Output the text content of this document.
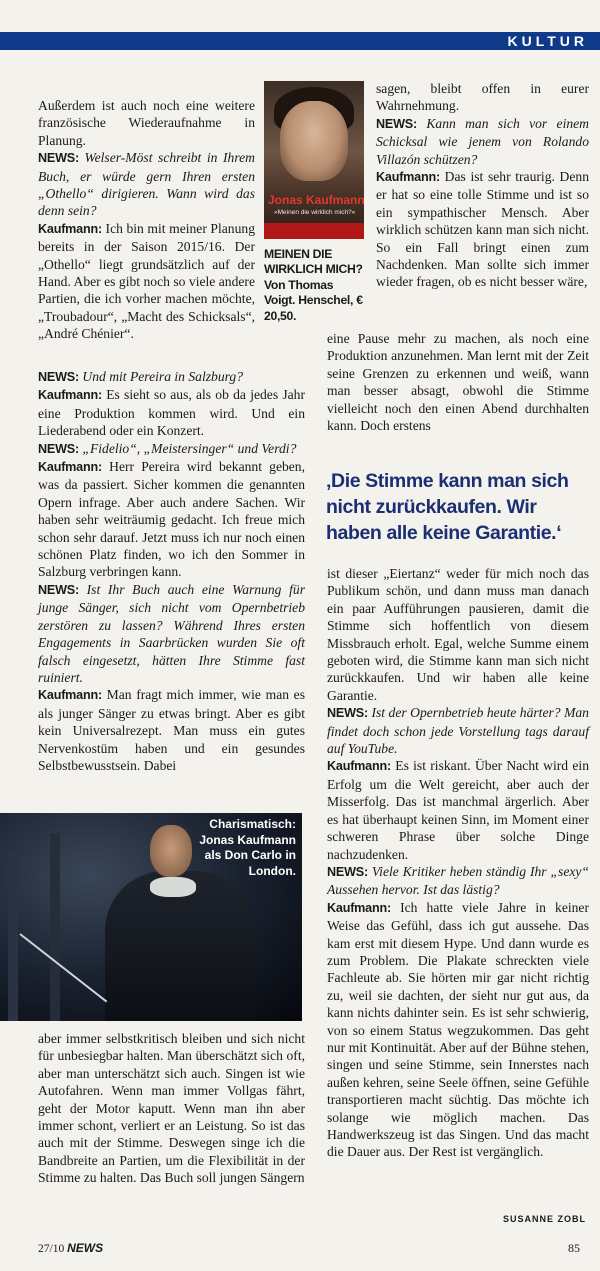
KULTUR

Außerdem ist auch noch eine weitere französische Wiederaufnahme in Planung.

NEWS: Welser-Möst schreibt in Ihrem Buch, er würde gern Ihren ersten „Othello“ dirigieren. Wann wird das denn sein?

Kaufmann: Ich bin mit meiner Planung bereits in der Saison 2015/16. Der „Othello“ liegt grundsätzlich auf der Hand. Aber es gibt noch so viele andere Partien, die ich vorher machen möchte, „Troubadour“, „Macht des Schicksals“, „André Chénier“.

NEWS: Und mit Pereira in Salzburg?

Kaufmann: Es sieht so aus, als ob da jedes Jahr eine Produktion kommen wird. Und ein Liederabend oder ein Konzert.

NEWS: „Fidelio“, „Meistersinger“ und Verdi?

Kaufmann: Herr Pereira wird bekannt geben, was da passiert. Sicher kommen die genannten Opern infrage. Aber auch andere Sachen. Wir haben sehr weiträumig gedacht. Ich freue mich schon sehr darauf. Jetzt muss ich nur noch einen schönen Platz finden, wo ich den Sommer in Salzburg verbringen kann.

NEWS: Ist Ihr Buch auch eine Warnung für junge Sänger, sich nicht vom Opernbetrieb zerstören zu lassen? Während Ihres ersten Engagements in Saarbrücken wurden Sie oft falsch eingesetzt, hätten Ihre Stimme fast ruiniert.

Kaufmann: Man fragt mich immer, wie man es als junger Sänger zu etwas bringt. Aber es gibt kein Universalrezept. Man muss ein gutes Nervenkostüm haben und ein gesundes Selbstbewusstsein. Dabei

Charismatisch: Jonas Kaufmann als Don Carlo in London.

aber immer selbstkritisch bleiben und sich nicht für unbesiegbar halten. Man überschätzt sich oft, aber man unterschätzt sich auch. Singen ist wie Autofahren. Wenn man immer Vollgas fährt, geht der Motor kaputt. Wenn man ihn aber immer schont, verliert er an Leistung. So ist das auch mit der Stimme. Deswegen singe ich die Bandbreite an Partien, um die Flexibilität in der Stimme zu halten. Das Buch soll jungen Sängern

Jonas Kaufmann
»Meinen die wirklich mich?«
MEINEN DIE WIRKLICH MICH? Von Thomas Voigt. Henschel, € 20,50.

sagen, bleibt offen in eurer Wahrnehmung.

NEWS: Kann man sich vor einem Schicksal wie jenem von Rolando Villazón schützen?

Kaufmann: Das ist sehr traurig. Denn er hat so eine tolle Stimme und ist so ein sympathischer Mensch. Aber wirklich schützen kann man sich nicht. So ein Fall bringt einen zum Nachdenken. Man sollte sich immer wieder fragen, ob es nicht besser wäre,

eine Pause mehr zu machen, als noch eine Produktion anzunehmen. Man lernt mit der Zeit seine Grenzen zu erkennen und weiß, wann man besser absagt, obwohl die Stimme vielleicht noch den einen Abend durchhalten kann. Doch erstens

‚Die Stimme kann man sich nicht zurückkaufen. Wir haben alle keine Garantie.‘

ist dieser „Eiertanz“ weder für mich noch das Publikum schön, und dann muss man danach ein paar Aufführungen pausieren, damit die Stimme sich hoffentlich von diesem Missbrauch erholt. Egal, welche Summe einem geboten wird, die Stimme kann man sich nicht zurückkaufen. Und wir haben alle keine Garantie.

NEWS: Ist der Opernbetrieb heute härter? Man findet doch schon jede Vorstellung tags darauf auf YouTube.

Kaufmann: Es ist riskant. Über Nacht wird ein Erfolg um die Welt gereicht, aber auch der Misserfolg. Das ist manchmal ärgerlich. Aber es hat überhaupt keinen Sinn, im Moment einer schweren Phrase über solche Dinge nachzudenken.

NEWS: Viele Kritiker heben ständig Ihr „sexy“ Aussehen hervor. Ist das lästig?

Kaufmann: Ich hatte viele Jahre in keiner Weise das Gefühl, dass ich gut aussehe. Das kam erst mit diesem Hype. Und dann wurde es zum Problem. Die Plakate schreckten viele Fachleute ab. Sie hörten mir gar nicht richtig zu, weil sie dachten, der sieht nur gut aus, da kann nichts dahinter sein. Es ist sehr schwierig, von so einem Status wegzukommen. Das geht nur mit Kontinuität. Aber auf der Bühne stehen, singen und seine Stimme, sein Innerstes nach außen kehren, seine Seele öffnen, seine Gefühle transportieren macht süchtig. Das möchte ich solange wie möglich machen. Das Handwerkszeug ist das Singen. Und das macht die Dauer aus. Der Rest ist vergänglich.

SUSANNE ZOBL
27/10 NEWS	85
